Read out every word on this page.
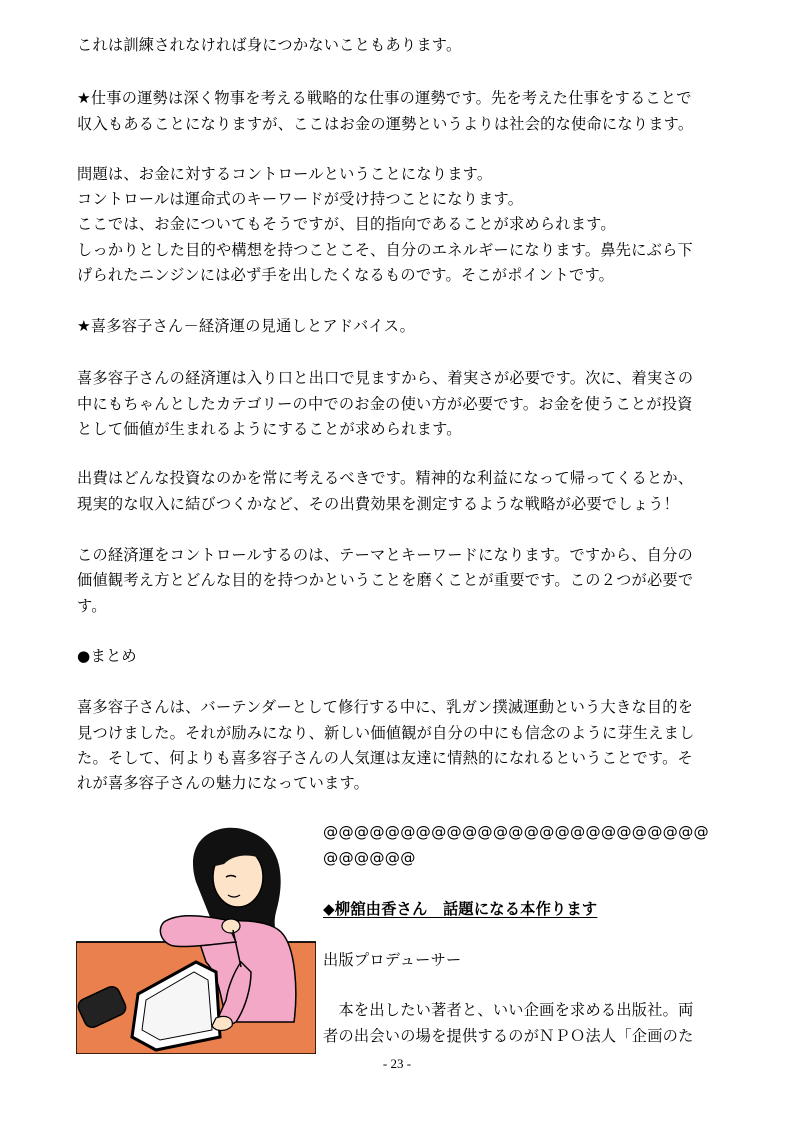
これは訓練されなければ身につかないこともあります。
★仕事の運勢は深く物事を考える戦略的な仕事の運勢です。先を考えた仕事をすることで
収入もあることになりますが、ここはお金の運勢というよりは社会的な使命になります。
問題は、お金に対するコントロールということになります。
コントロールは運命式のキーワードが受け持つことになります。
ここでは、お金についてもそうですが、目的指向であることが求められます。
しっかりとした目的や構想を持つことこそ、自分のエネルギーになります。鼻先にぶら下
げられたニンジンには必ず手を出したくなるものです。そこがポイントです。
★喜多容子さん－経済運の見通しとアドバイス。
喜多容子さんの経済運は入り口と出口で見ますから、着実さが必要です。次に、着実さの
中にもちゃんとしたカテゴリーの中でのお金の使い方が必要です。お金を使うことが投資
として価値が生まれるようにすることが求められます。
出費はどんな投資なのかを常に考えるべきです。精神的な利益になって帰ってくるとか、
現実的な収入に結びつくかなど、その出費効果を測定するような戦略が必要でしょう！
この経済運をコントロールするのは、テーマとキーワードになります。ですから、自分の
価値観考え方とどんな目的を持つかということを磨くことが重要です。この２つが必要で
す。
●まとめ
喜多容子さんは、バーテンダーとして修行する中に、乳ガン撲滅運動という大きな目的を
見つけました。それが励みになり、新しい価値観が自分の中にも信念のように芽生えまし
た。そして、何よりも喜多容子さんの人気運は友達に情熱的になれるということです。そ
れが喜多容子さんの魅力になっています。
@@@@@@@@@@@@@@@@@@@@@@@@@
@@@@@@
◆柳舘由香さん　話題になる本作ります
出版プロデューサー
　本を出したい著者と、いい企画を求める出版社。両
者の出会いの場を提供するのがＮＰＯ法人「企画のた
- 23 -
